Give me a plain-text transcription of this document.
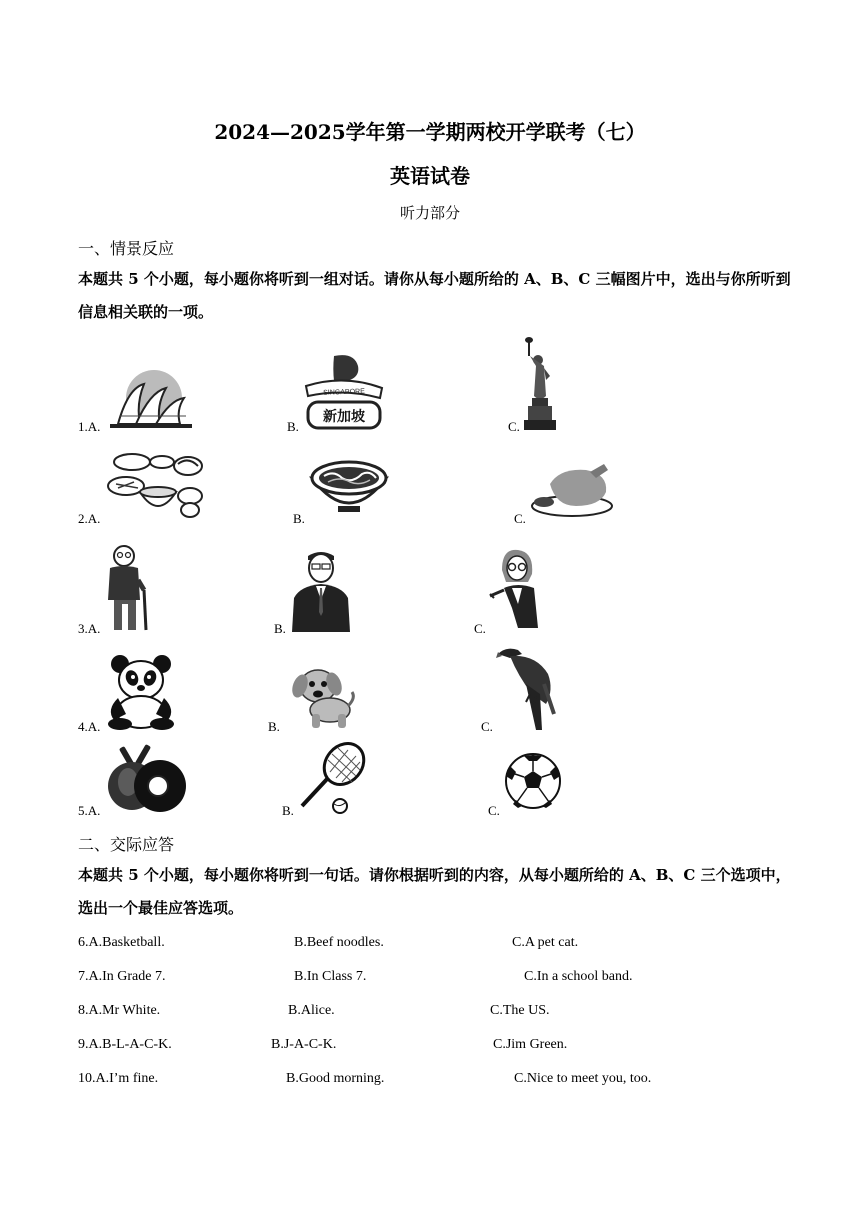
2024—2025学年第一学期两校开学联考（七）
英语试卷
听力部分
一、情景反应
本题共 5 个小题，每小题你将听到一组对话。请你从每小题所给的 A、B、C 三幅图片中，选出与你所听到信息相关联的一项。
1.A.	B.	C.
SINGAPORE
新加坡
2.A.	B.	C.
3.A.	B.	C.
4.A.	B.	C.
5.A.	B.	C.
二、交际应答
本题共 5 个小题，每小题你将听到一句话。请你根据听到的内容，从每小题所给的 A、B、C 三个选项中，选出一个最佳应答选项。
6.A.Basketball.	B.Beef noodles.	C.A pet cat.
7.A.In Grade 7.	B.In Class 7.	C.In a school band.
8.A.Mr White.	B.Alice.	C.The US.
9.A.B-L-A-C-K.	B.J-A-C-K.	C.Jim Green.
10.A.I’m fine.	B.Good morning.	C.Nice to meet you, too.
